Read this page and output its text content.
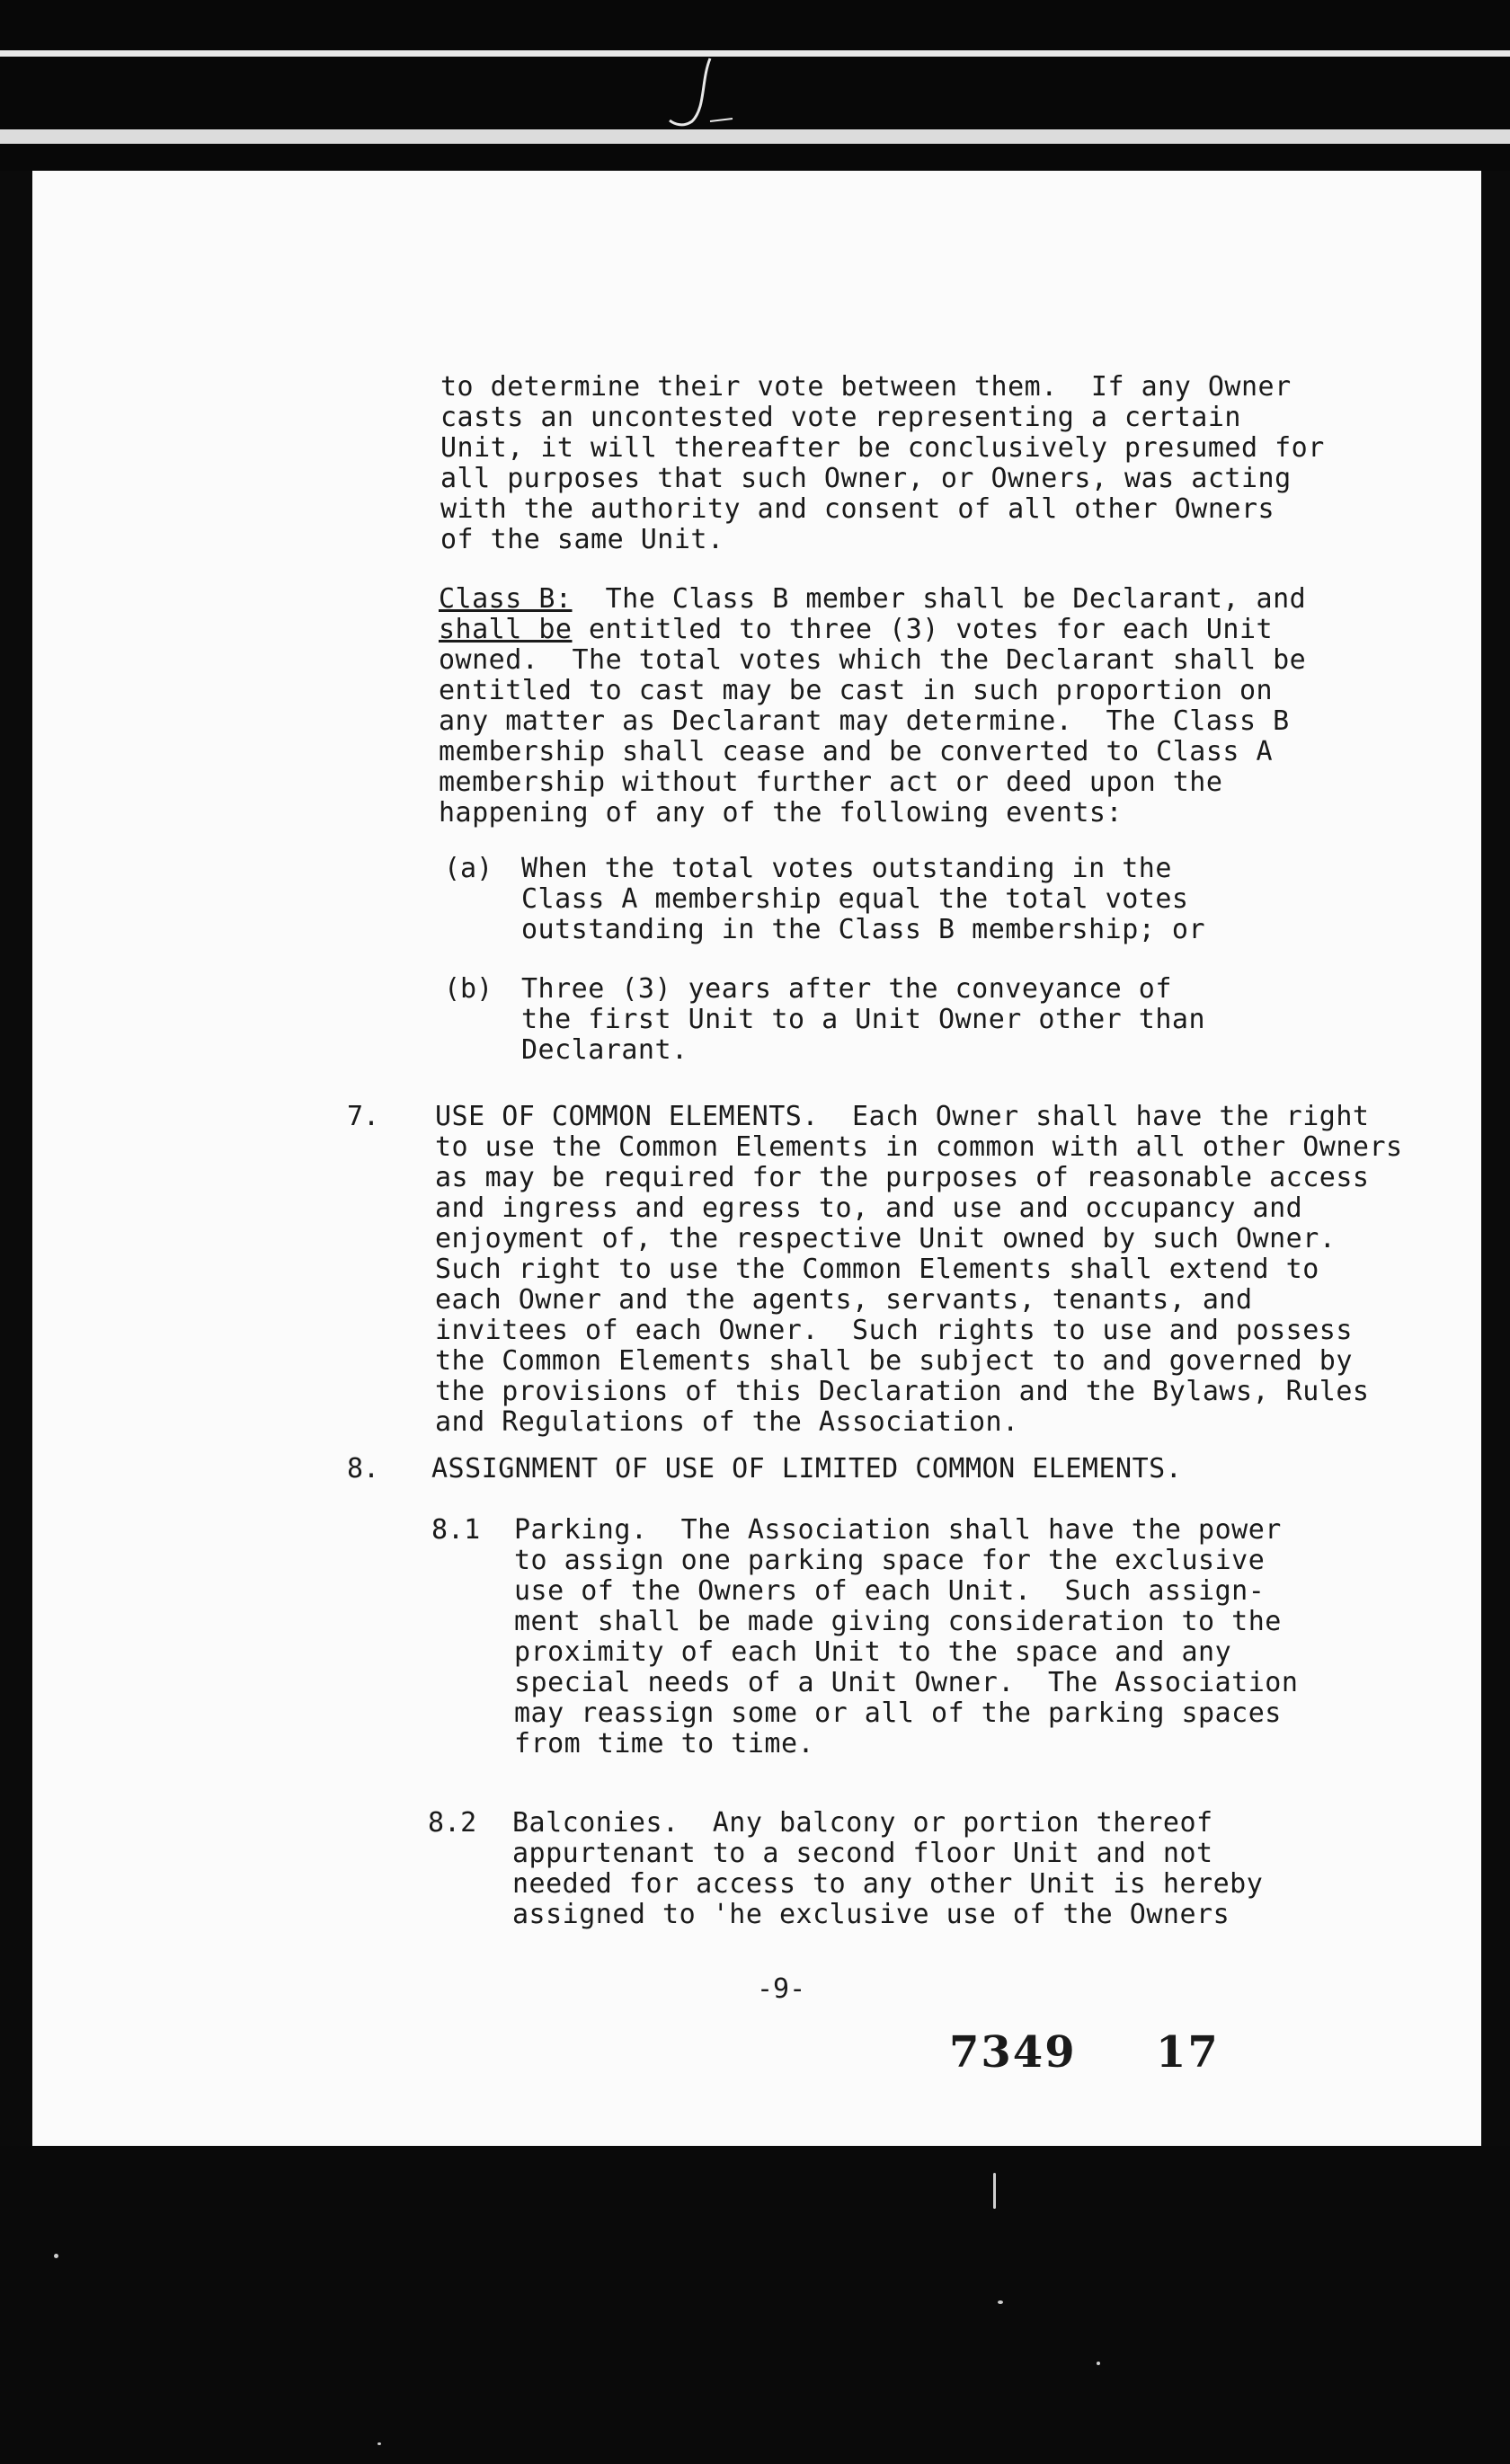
to determine their vote between them.  If any Owner
casts an uncontested vote representing a certain
Unit, it will thereafter be conclusively presumed for
all purposes that such Owner, or Owners, was acting
with the authority and consent of all other Owners
of the same Unit.
Class B:  The Class B member shall be Declarant, and
shall be entitled to three (3) votes for each Unit
owned.  The total votes which the Declarant shall be
entitled to cast may be cast in such proportion on
any matter as Declarant may determine.  The Class B
membership shall cease and be converted to Class A
membership without further act or deed upon the
happening of any of the following events:
(a) When the total votes outstanding in the
Class A membership equal the total votes
outstanding in the Class B membership; or
(b) Three (3) years after the conveyance of
the first Unit to a Unit Owner other than
Declarant.
7. USE OF COMMON ELEMENTS.  Each Owner shall have the right
to use the Common Elements in common with all other Owners
as may be required for the purposes of reasonable access
and ingress and egress to, and use and occupancy and
enjoyment of, the respective Unit owned by such Owner.
Such right to use the Common Elements shall extend to
each Owner and the agents, servants, tenants, and
invitees of each Owner.  Such rights to use and possess
the Common Elements shall be subject to and governed by
the provisions of this Declaration and the Bylaws, Rules
and Regulations of the Association.
8. ASSIGNMENT OF USE OF LIMITED COMMON ELEMENTS.
8.1 Parking.  The Association shall have the power
to assign one parking space for the exclusive
use of the Owners of each Unit.  Such assign-
ment shall be made giving consideration to the
proximity of each Unit to the space and any
special needs of a Unit Owner.  The Association
may reassign some or all of the parking spaces
from time to time.
8.2 Balconies.  Any balcony or portion thereof
appurtenant to a second floor Unit and not
needed for access to any other Unit is hereby
assigned to 'he exclusive use of the Owners
-9-
7349 17
